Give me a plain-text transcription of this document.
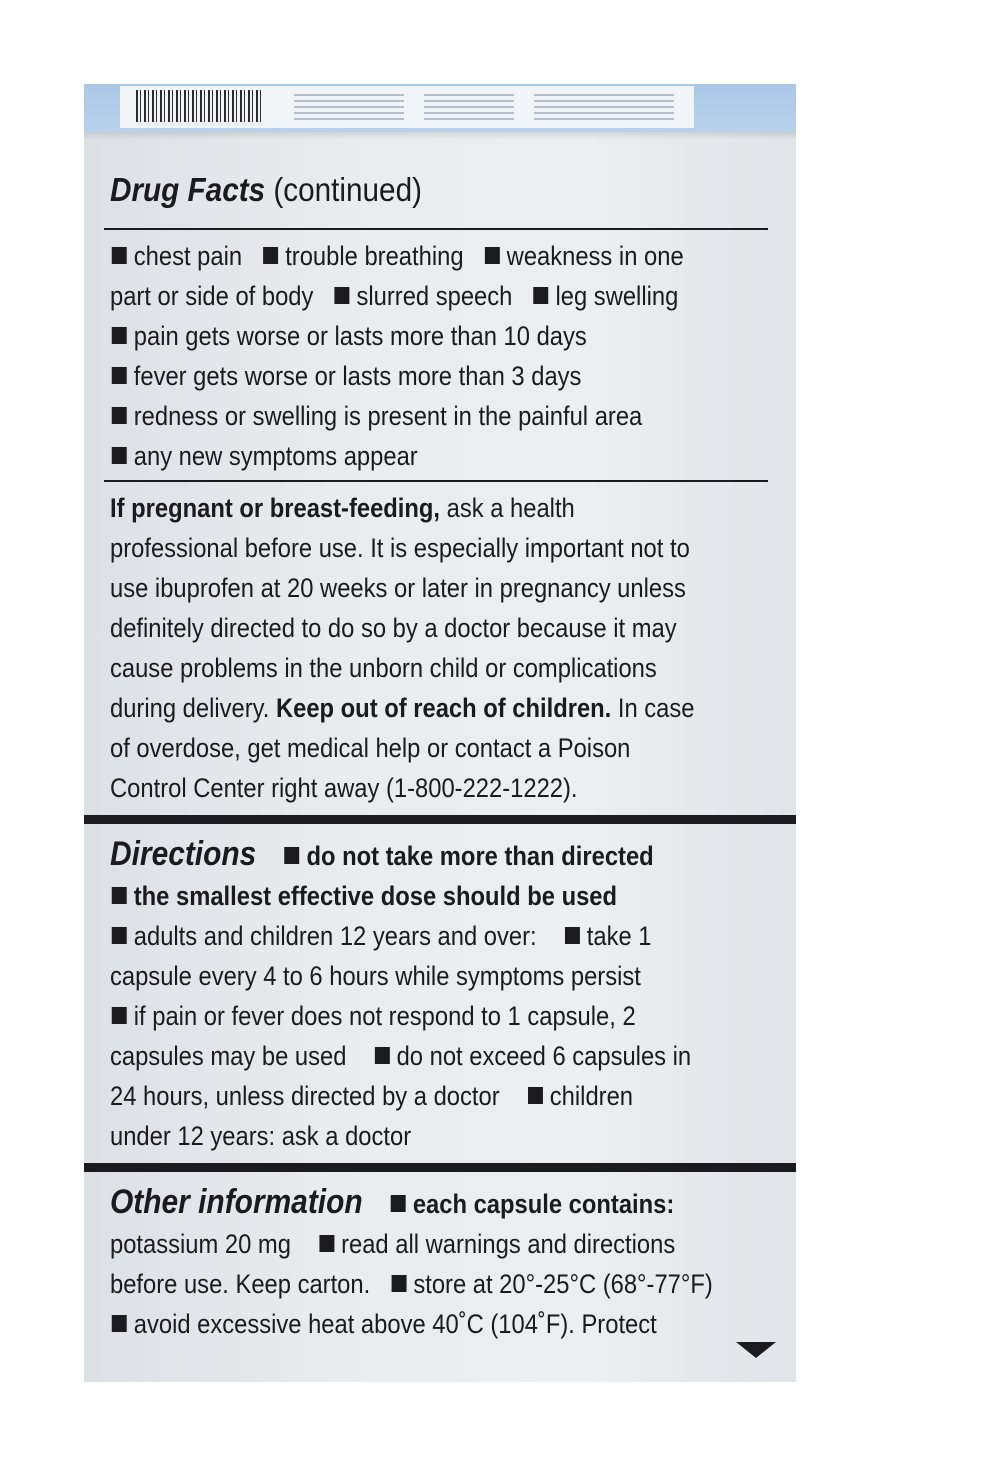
Drug Facts (continued)
chest pain trouble breathing weakness in one
part or side of body slurred speech leg swelling
pain gets worse or lasts more than 10 days
fever gets worse or lasts more than 3 days
redness or swelling is present in the painful area
any new symptoms appear
If pregnant or breast-feeding, ask a health
professional before use. It is especially important not to
use ibuprofen at 20 weeks or later in pregnancy unless
definitely directed to do so by a doctor because it may
cause problems in the unborn child or complications
during delivery. Keep out of reach of children. In case
of overdose, get medical help or contact a Poison
Control Center right away (1-800-222-1222).
Directions do not take more than directed
the smallest effective dose should be used
adults and children 12 years and over: take 1
capsule every 4 to 6 hours while symptoms persist
if pain or fever does not respond to 1 capsule, 2
capsules may be used do not exceed 6 capsules in
24 hours, unless directed by a doctor children
under 12 years: ask a doctor
Other information each capsule contains:
potassium 20 mg read all warnings and directions
before use. Keep carton. store at 20°-25°C (68°-77°F)
avoid excessive heat above 40˚C (104˚F). Protect
